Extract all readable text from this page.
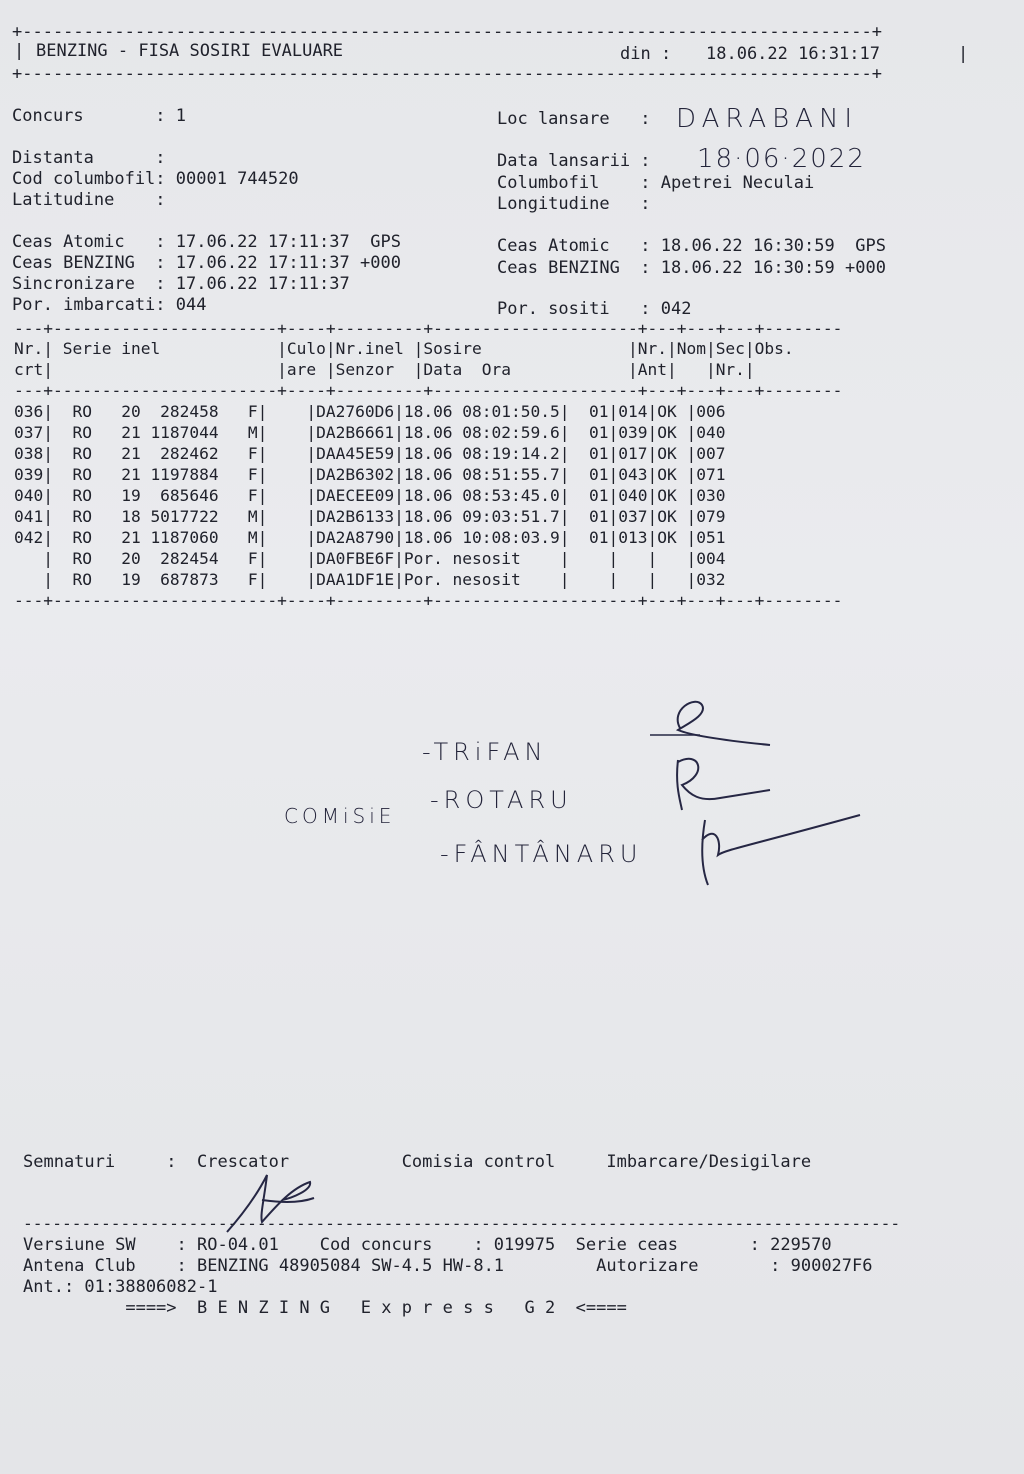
+-----------------------------------------------------------------------------------+
| BENZING - FISA SOSIRI EVALUARE	din : 18.06.22 16:31:17	|
+-----------------------------------------------------------------------------------+
Concurs       : 1
Distanta      :
Cod columbofil: 00001 744520
Latitudine    :
Ceas Atomic   : 17.06.22 17:11:37  GPS
Ceas BENZING  : 17.06.22 17:11:37 +000
Sincronizare  : 17.06.22 17:11:37
Por. imbarcati: 044
Loc lansare   : DARABANI
Data lansarii : 18·06·2022
Columbofil    : Apetrei Neculai
Longitudine   :
Ceas Atomic   : 18.06.22 16:30:59  GPS
Ceas BENZING  : 18.06.22 16:30:59 +000
Por. sositi   : 042
---+-----------------------+----+---------+---------------------+---+---+---+--------
Nr.| Serie inel            |Culo|Nr.inel |Sosire               |Nr.|Nom|Sec|Obs.
crt|                       |are |Senzor  |Data  Ora            |Ant|   |Nr.|
---+-----------------------+----+---------+---------------------+---+---+---+--------
036|  RO   20  282458   F|    |DA2760D6|18.06 08:01:50.5|  01|014|OK |006
037|  RO   21 1187044   M|    |DA2B6661|18.06 08:02:59.6|  01|039|OK |040
038|  RO   21  282462   F|    |DAA45E59|18.06 08:19:14.2|  01|017|OK |007
039|  RO   21 1197884   F|    |DA2B6302|18.06 08:51:55.7|  01|043|OK |071
040|  RO   19  685646   F|    |DAECEE09|18.06 08:53:45.0|  01|040|OK |030
041|  RO   18 5017722   M|    |DA2B6133|18.06 09:03:51.7|  01|037|OK |079
042|  RO   21 1187060   M|    |DA2A8790|18.06 10:08:03.9|  01|013|OK |051
|  RO   20  282454   F|    |DA0FBE6F|Por. nesosit    |    |   |   |004
|  RO   19  687873   F|    |DAA1DF1E|Por. nesosit    |    |   |   |032
---+-----------------------+----+---------+---------------------+---+---+---+--------
-TRiFAN
COMiSiE
-ROTARU
-FÂNTÂNARU
Semnaturi     :  Crescator           Comisia control     Imbarcare/Desigilare
------------------------------------------------------------------------------------------
Versiune SW    : RO-04.01    Cod concurs    : 019975  Serie ceas       : 229570
Antena Club    : BENZING 48905084 SW-4.5 HW-8.1         Autorizare       : 900027F6
Ant.: 01:38806082-1
====>  B E N Z I N G   E x p r e s s   G 2  <====
